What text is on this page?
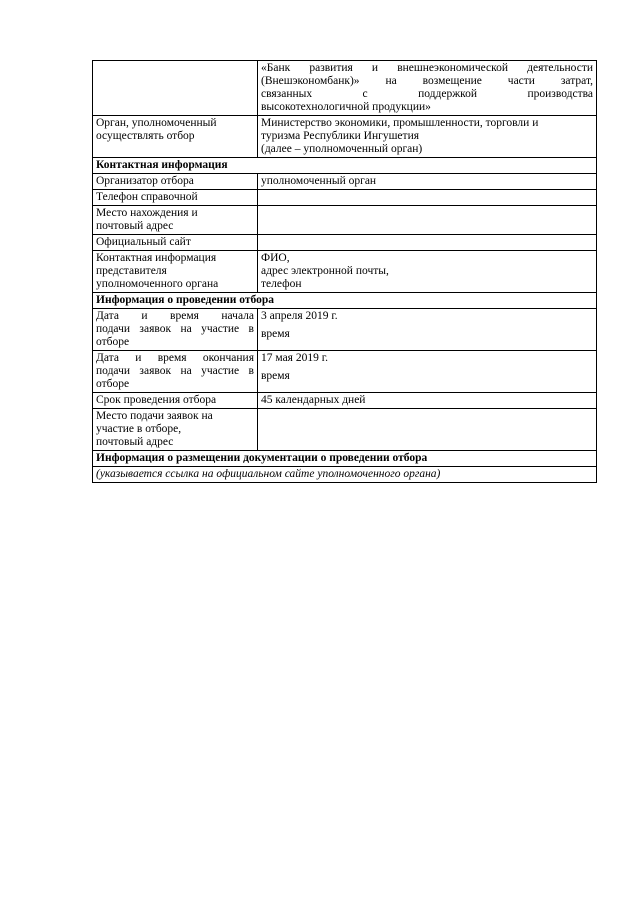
	«Банк развития и внешнеэкономической деятельности
(Внешэкономбанк)» на возмещение части затрат,
связанных с поддержкой производства
высокотехнологичной продукции»

Орган, уполномоченный
осуществлять отбор	Министерство экономики, промышленности, торговли и
туризма Республики Ингушетия
(далее – уполномоченный орган)

Контактная информация	
Организатор отбора	уполномоченный орган
Телефон справочной	

Место нахождения и
почтовый адрес	

Официальный сайт	

Контактная информация
представителя
уполномоченного органа	ФИО,
адрес электронной почты,
телефон

Информация о проведении отбора	

Дата и время начала
подачи заявок на участие в
отборе	3 апреля 2019 г.
время

Дата и время окончания
подачи заявок на участие в
отборе	17 мая 2019 г.
время

Срок проведения отбора	45 календарных дней

Место подачи заявок на
участие в отборе,
почтовый адрес	

Информация о размещении документации о проведении отбора	
(указывается ссылка на официальном сайте уполномоченного органа)	
